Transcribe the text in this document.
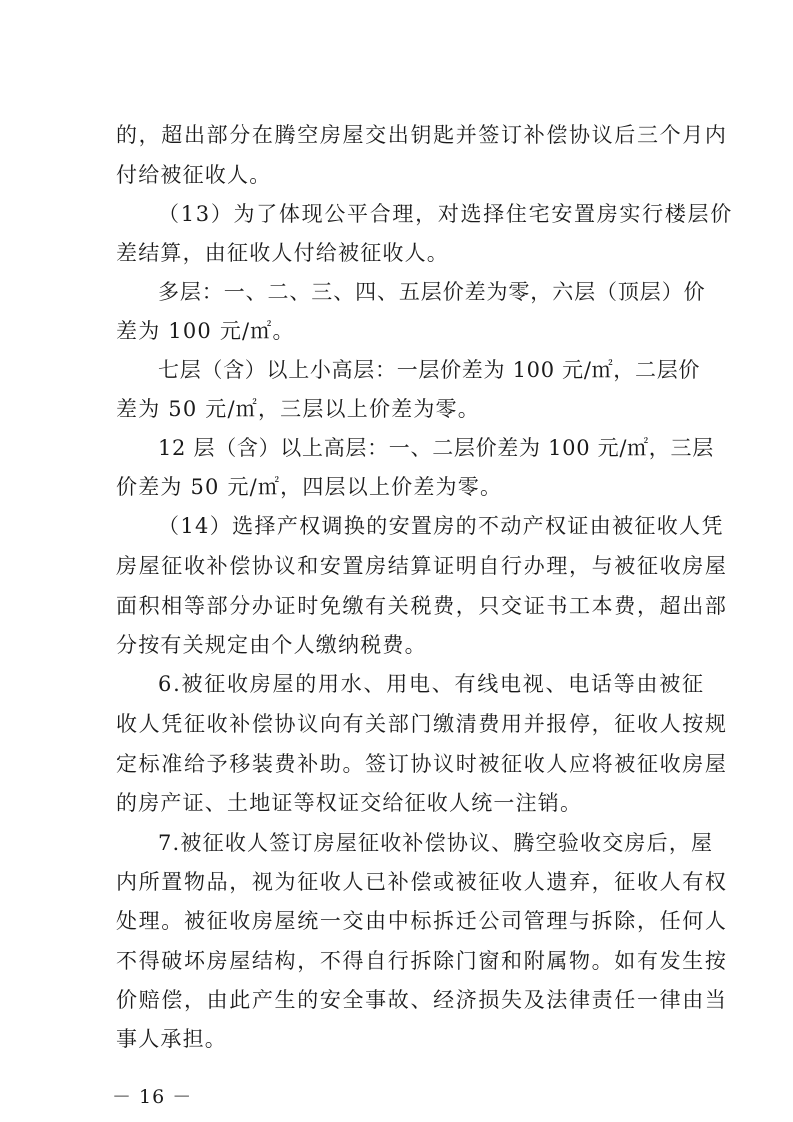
的，超出部分在腾空房屋交出钥匙并签订补偿协议后三个月内
付给被征收人。
（13）为了体现公平合理，对选择住宅安置房实行楼层价
差结算，由征收人付给被征收人。
多层：一、二、三、四、五层价差为零，六层（顶层）价
差为 100 元/㎡。
七层（含）以上小高层：一层价差为 100 元/㎡，二层价
差为 50 元/㎡，三层以上价差为零。
12 层（含）以上高层：一、二层价差为 100 元/㎡，三层
价差为 50 元/㎡，四层以上价差为零。
（14）选择产权调换的安置房的不动产权证由被征收人凭
房屋征收补偿协议和安置房结算证明自行办理，与被征收房屋
面积相等部分办证时免缴有关税费，只交证书工本费，超出部
分按有关规定由个人缴纳税费。
6.被征收房屋的用水、用电、有线电视、电话等由被征
收人凭征收补偿协议向有关部门缴清费用并报停，征收人按规
定标准给予移装费补助。签订协议时被征收人应将被征收房屋
的房产证、土地证等权证交给征收人统一注销。
7.被征收人签订房屋征收补偿协议、腾空验收交房后，屋
内所置物品，视为征收人已补偿或被征收人遗弃，征收人有权
处理。被征收房屋统一交由中标拆迁公司管理与拆除，任何人
不得破坏房屋结构，不得自行拆除门窗和附属物。如有发生按
价赔偿，由此产生的安全事故、经济损失及法律责任一律由当
事人承担。
－ 16 －
